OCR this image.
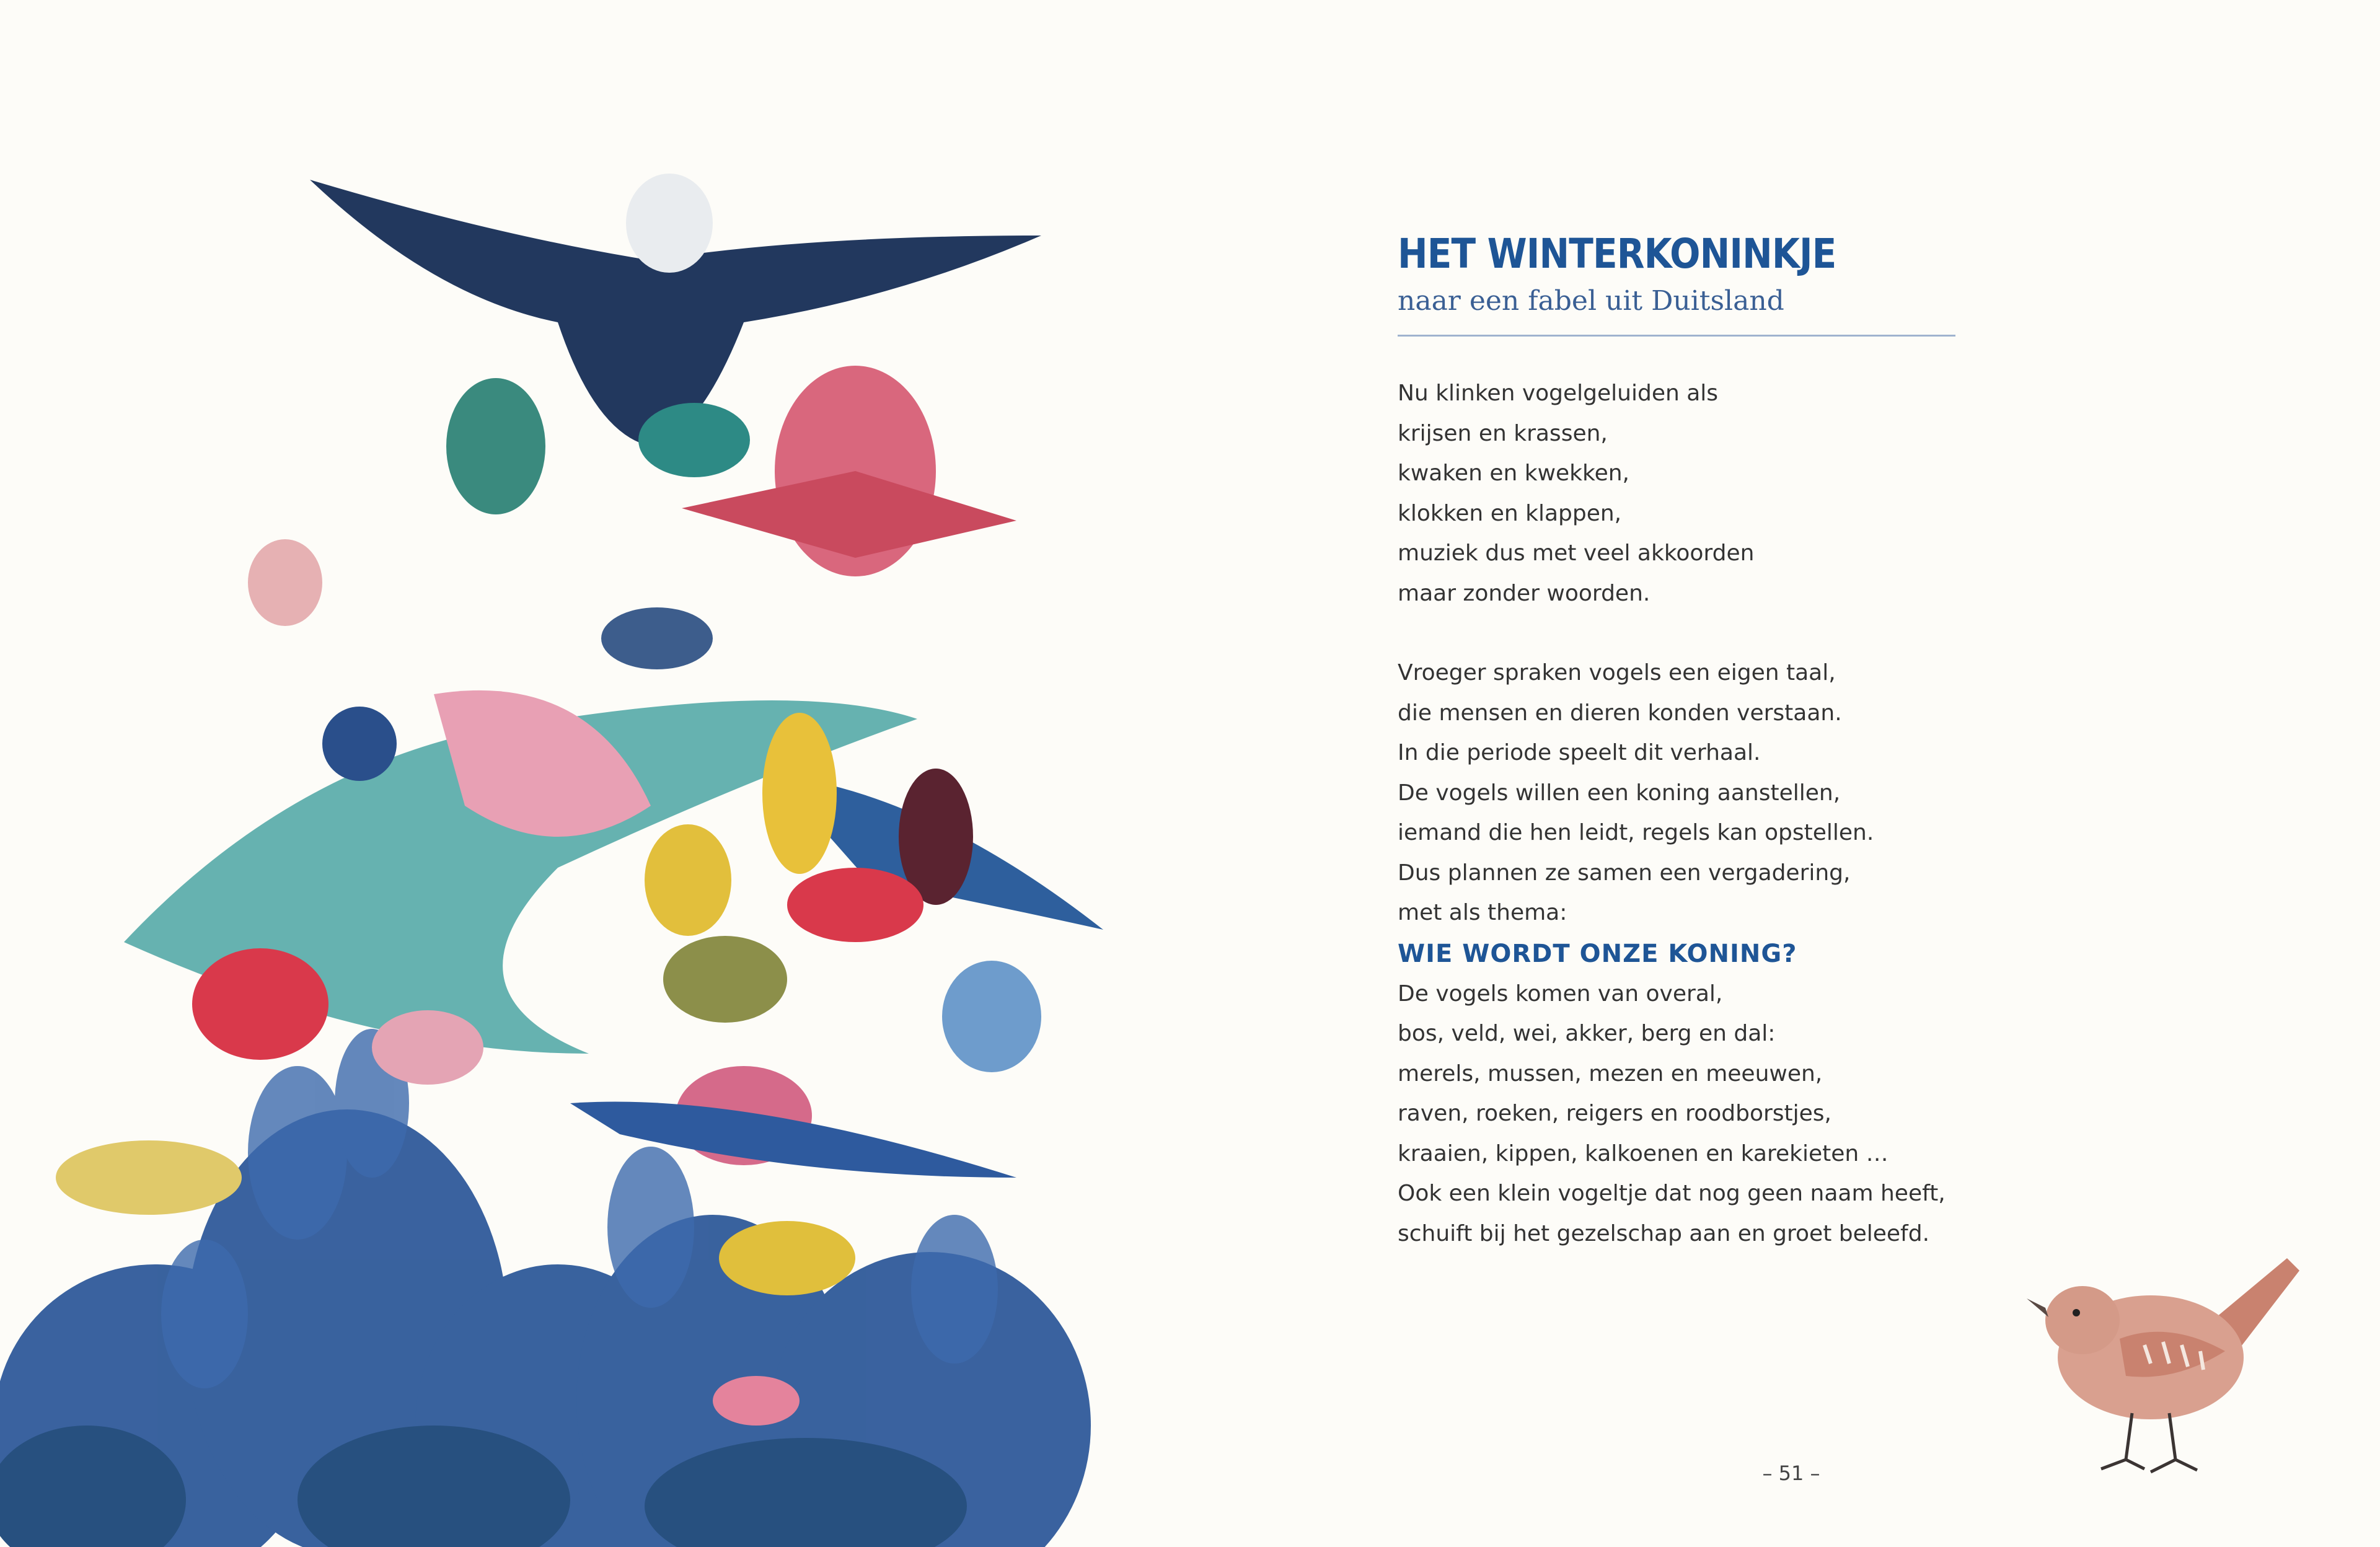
HET WINTERKONINKJE

naar een fabel uit Duitsland

Nu klinken vogelgeluiden als
krijsen en krassen,
kwaken en kwekken,
klokken en klappen,
muziek dus met veel akkoorden
maar zonder woorden.
Vroeger spraken vogels een eigen taal,
die mensen en dieren konden verstaan.
In die periode speelt dit verhaal.
De vogels willen een koning aanstellen,
iemand die hen leidt, regels kan opstellen.
Dus plannen ze samen een vergadering,
met als thema:
WIE WORDT ONZE KONING?
De vogels komen van overal,
bos, veld, wei, akker, berg en dal:
merels, mussen, mezen en meeuwen,
raven, roeken, reigers en roodborstjes,
kraaien, kippen, kalkoenen en karekieten …
Ook een klein vogeltje dat nog geen naam heeft,
schuift bij het gezelschap aan en groet beleefd.
– 51 –
